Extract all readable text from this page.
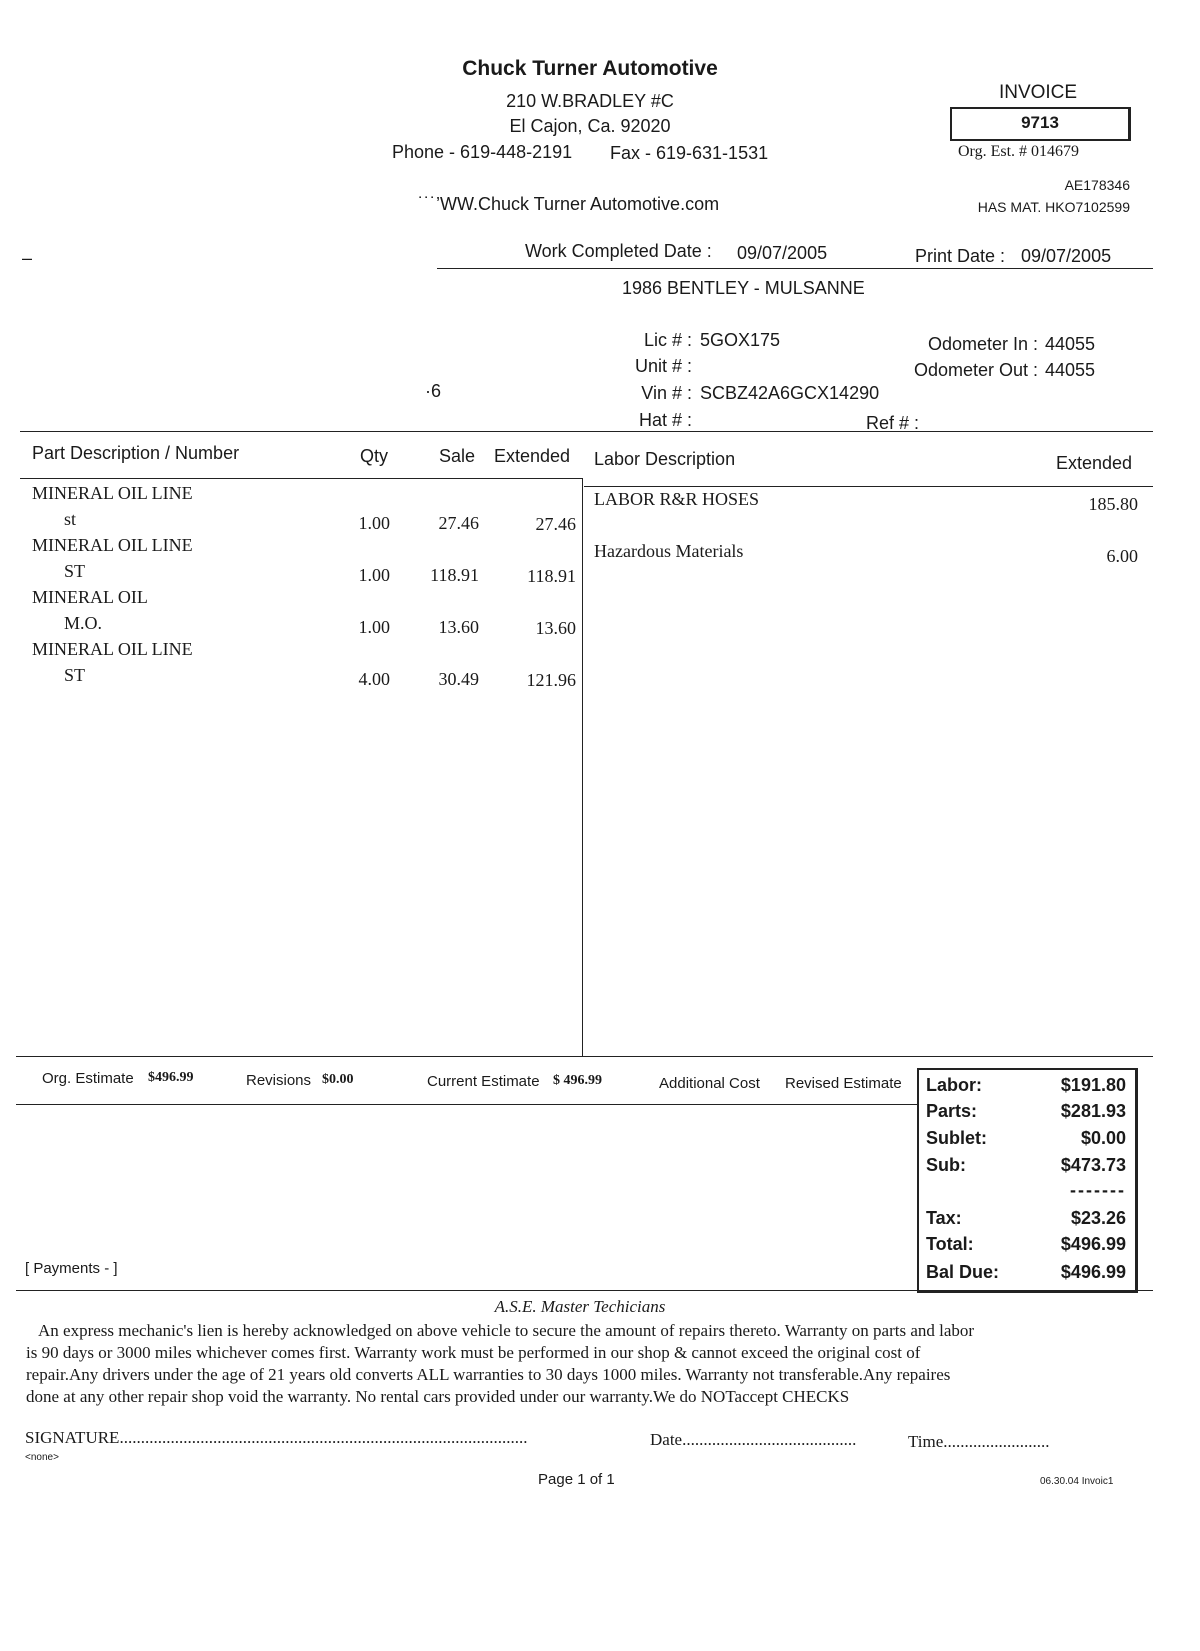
Chuck Turner Automotive
210 W.BRADLEY #C
El Cajon, Ca. 92020
Phone - 619-448-2191 Fax - 619-631-1531
˙˙˙’WW.Chuck Turner Automotive.com
INVOICE
9713
Org. Est. # 014679
AE178346
HAS MAT. HKO7102599
–	Work Completed Date : 09/07/2005	Print Date : 09/07/2005
1986 BENTLEY - MULSANNE
Lic # : 5GOX175
Unit # :
Vin # : SCBZ42A6GCX14290
Hat # :	Ref # :
Odometer In : 44055
Odometer Out : 44055
·6
Part Description / Number	Qty	Sale Extended Labor Description	Extended
MINERAL OIL LINE
st	1.00	27.46	27.46
MINERAL OIL LINE
ST	1.00	118.91	118.91
MINERAL OIL
M.O.	1.00	13.60	13.60
MINERAL OIL LINE
ST	4.00	30.49	121.96
LABOR R&R HOSES	185.80
Hazardous Materials	6.00
Org. Estimate $496.99	Revisions $0.00	Current Estimate $ 496.99	Additional Cost Revised Estimate
[ Payments - ]
Labor:	$191.80
Parts:	$281.93
Sublet:	$0.00
Sub:	$473.73
-------
Tax:	$23.26
Total:	$496.99
Bal Due:	$496.99
A.S.E. Master Techicians
An express mechanic's lien is hereby acknowledged on above vehicle to secure the amount of repairs thereto. Warranty on parts and labor
is 90 days or 3000 miles whichever comes first. Warranty work must be performed in our shop & cannot exceed the original cost of
repair.Any drivers under the age of 21 years old converts ALL warranties to 30 days 1000 miles. Warranty not transferable.Any repaires
done at any other repair shop void the warranty. No rental cars provided under our warranty.We do NOTaccept CHECKS
SIGNATURE................................................................................................
<none>
Date.........................................	Time.........................
Page 1 of 1	06.30.04 Invoic1
